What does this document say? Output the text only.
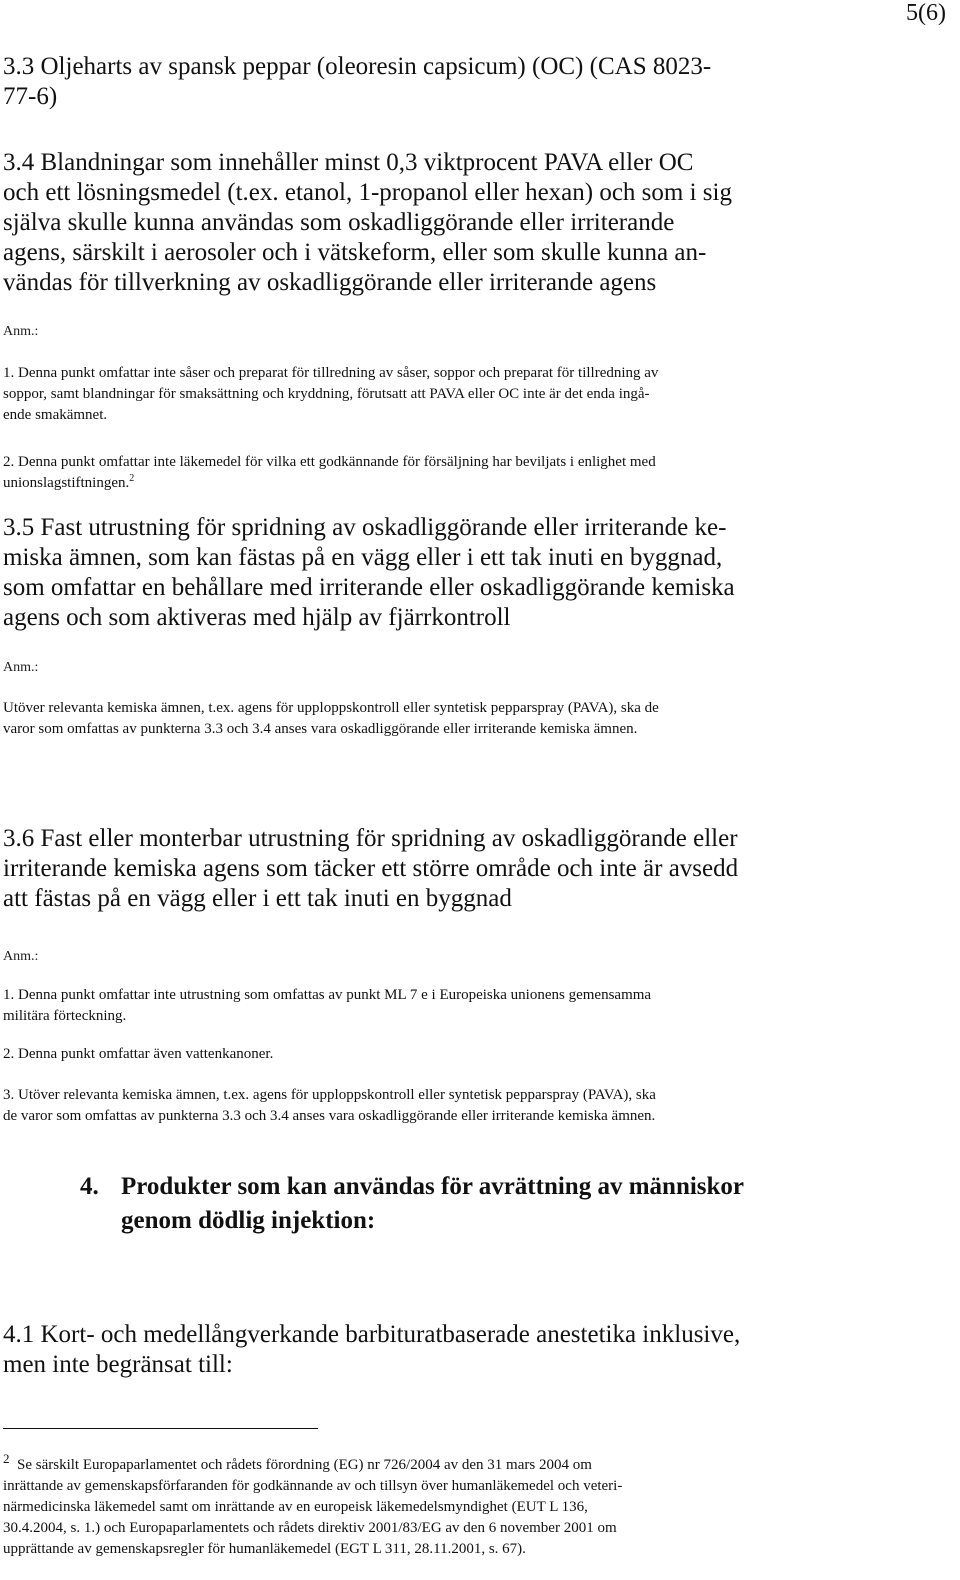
5(6)
3.3 Oljeharts av spansk peppar (oleoresin capsicum) (OC) (CAS 8023-
77-6)
3.4 Blandningar som innehåller minst 0,3 viktprocent PAVA eller OC
och ett lösningsmedel (t.ex. etanol, 1-propanol eller hexan) och som i sig
själva skulle kunna användas som oskadliggörande eller irriterande
agens, särskilt i aerosoler och i vätskeform, eller som skulle kunna an-
vändas för tillverkning av oskadliggörande eller irriterande agens
Anm.:
1. Denna punkt omfattar inte såser och preparat för tillredning av såser, soppor och preparat för tillredning av
soppor, samt blandningar för smaksättning och kryddning, förutsatt att PAVA eller OC inte är det enda ingå-
ende smakämnet.
2. Denna punkt omfattar inte läkemedel för vilka ett godkännande för försäljning har beviljats i enlighet med
unionslagstiftningen.$^2$
3.5 Fast utrustning för spridning av oskadliggörande eller irriterande ke-
miska ämnen, som kan fästas på en vägg eller i ett tak inuti en byggnad,
som omfattar en behållare med irriterande eller oskadliggörande kemiska
agens och som aktiveras med hjälp av fjärrkontroll
Anm.:
Utöver relevanta kemiska ämnen, t.ex. agens för upploppskontroll eller syntetisk pepparspray (PAVA), ska de
varor som omfattas av punkterna 3.3 och 3.4 anses vara oskadliggörande eller irriterande kemiska ämnen.
3.6 Fast eller monterbar utrustning för spridning av oskadliggörande eller
irriterande kemiska agens som täcker ett större område och inte är avsedd
att fästas på en vägg eller i ett tak inuti en byggnad
Anm.:
1. Denna punkt omfattar inte utrustning som omfattas av punkt ML 7 e i Europeiska unionens gemensamma
militära förteckning.
2. Denna punkt omfattar även vattenkanoner.
3. Utöver relevanta kemiska ämnen, t.ex. agens för upploppskontroll eller syntetisk pepparspray (PAVA), ska
de varor som omfattas av punkterna 3.3 och 3.4 anses vara oskadliggörande eller irriterande kemiska ämnen.
4. Produkter som kan användas för avrättning av människor
genom dödlig injektion:
4.1 Kort- och medellångverkande barbituratbaserade anestetika inklusive,
men inte begränsat till:
2 Se särskilt Europaparlamentet och rådets förordning (EG) nr 726/2004 av den 31 mars 2004 om
inrättande av gemenskapsförfaranden för godkännande av och tillsyn över humanläkemedel och veteri-
närmedicinska läkemedel samt om inrättande av en europeisk läkemedelsmyndighet (EUT L 136,
30.4.2004, s. 1.) och Europaparlamentets och rådets direktiv 2001/83/EG av den 6 november 2001 om
upprättande av gemenskapsregler för humanläkemedel (EGT L 311, 28.11.2001, s. 67).
